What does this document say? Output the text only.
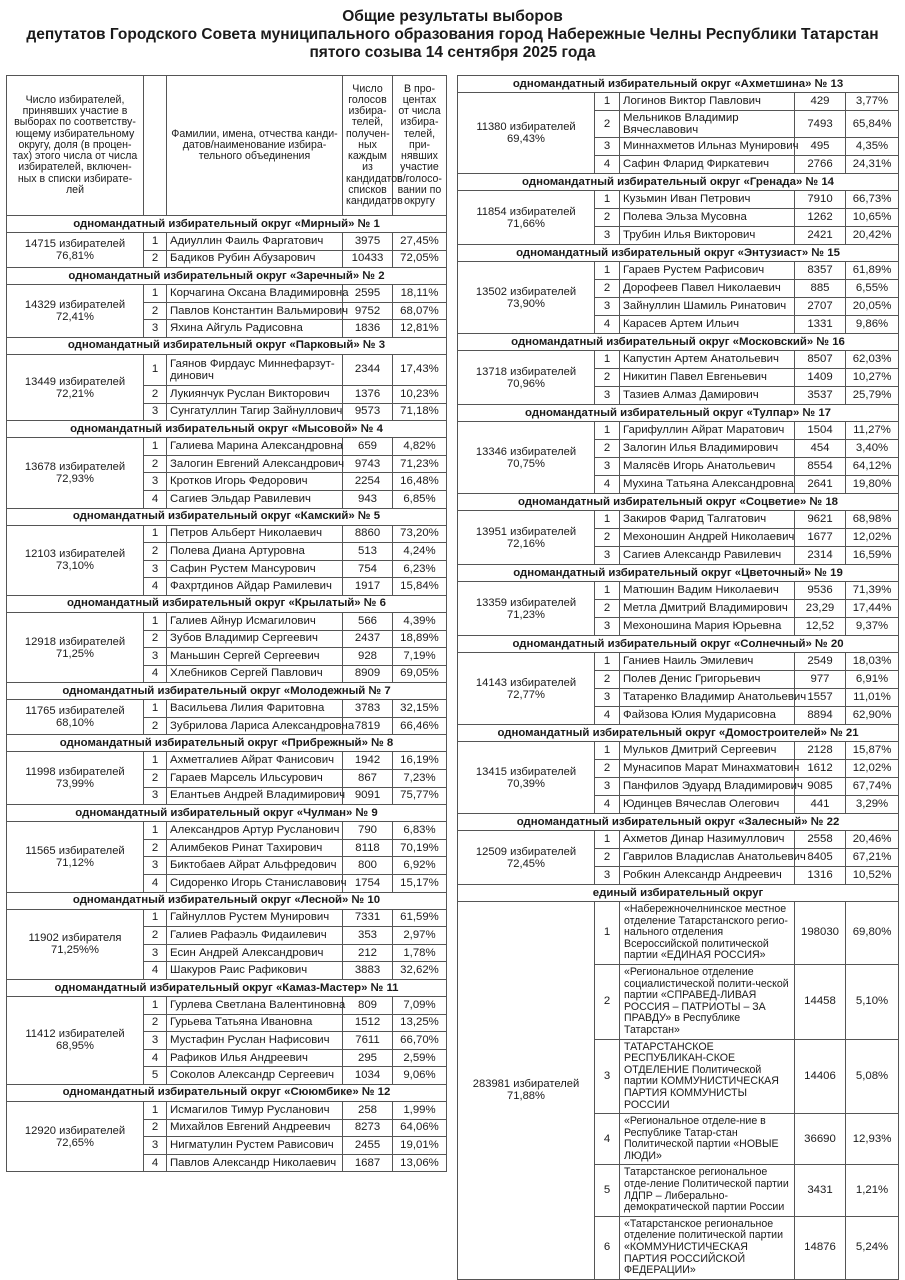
Общие результаты выборов
депутатов Городского Совета муниципального образования город Набережные Челны Республики Татарстан
пятого созыва 14 сентября 2025 года
Число избирателей, принявших участие в выборах по соответству-ющему избирательному округу, доля (в процен-тах) этого числа от числа избирателей, включен-ных в списки избирате-лей		Фамилии, имена, отчества канди-датов/наименование избира-тельного объединения	Число голосов избира-телей, получен-ных каждым из кандидатов/ списков кандидатов	В про-центах от числа избира-телей, при-нявших участие в голосо-вании по округу
одномандатный избирательный округ «Мирный» № 1				

14715 избирателей
76,81%	1	Адиуллин Фаиль Фаргатович	3975	27,45%
	2	Бадиков Рубин Абузарович	10433	72,05%
одномандатный избирательный округ «Заречный» № 2				

14329 избирателей
72,41%	1	Корчагина Оксана Владимировна	2595	18,11%
	2	Павлов Константин Вальмирович	9752	68,07%
	3	Яхина Айгуль Радисовна	1836	12,81%
одномандатный избирательный округ «Парковый» № 3				

13449 избирателей
72,21%	1	Гаянов Фирдаус Миннефарзут-динович	2344	17,43%
	2	Лукиянчук Руслан Викторович	1376	10,23%
	3	Сунгатуллин Тагир Зайнуллович	9573	71,18%
одномандатный избирательный округ «Мысовой» № 4				

13678 избирателей
72,93%	1	Галиева Марина Александровна	659	4,82%
	2	Залогин Евгений Александрович	9743	71,23%
	3	Кротков Игорь Федорович	2254	16,48%
	4	Сагиев Эльдар Равилевич	943	6,85%
одномандатный избирательный округ «Камский» № 5				

12103 избирателей
73,10%	1	Петров Альберт Николаевич	8860	73,20%
	2	Полева Диана Артуровна	513	4,24%
	3	Сафин Рустем Мансурович	754	6,23%
	4	Фахртдинов Айдар Рамилевич	1917	15,84%
одномандатный избирательный округ «Крылатый» № 6				

12918 избирателей
71,25%	1	Галиев Айнур Исмагилович	566	4,39%
	2	Зубов Владимир Сергеевич	2437	18,89%
	3	Маньшин Сергей Сергеевич	928	7,19%
	4	Хлебников Сергей Павлович	8909	69,05%
одномандатный избирательный округ «Молодежный № 7				

11765 избирателей
68,10%	1	Васильева Лилия Фаритовна	3783	32,15%
	2	Зубрилова Лариса Александровна	7819	66,46%
одномандатный избирательный округ «Прибрежный» № 8				

11998 избирателей
73,99%	1	Ахметгалиев Айрат Фанисович	1942	16,19%
	2	Гараев Марсель Ильсурович	867	7,23%
	3	Елантьев Андрей Владимирович	9091	75,77%
одномандатный избирательный округ «Чулман» № 9				

11565 избирателей
71,12%	1	Александров Артур Русланович	790	6,83%
	2	Алимбеков Ринат Тахирович	8118	70,19%
	3	Биктобаев Айрат Альфредович	800	6,92%
	4	Сидоренко Игорь Станиславович	1754	15,17%
одномандатный избирательный округ «Лесной» № 10				

11902 избирателя
71,25%%	1	Гайнуллов Рустем Мунирович	7331	61,59%
	2	Галиев Рафаэль Фидаилевич	353	2,97%
	3	Есин Андрей Александрович	212	1,78%
	4	Шакуров Раис Рафикович	3883	32,62%
одномандатный избирательный округ «Камаз-Мастер» № 11				

11412 избирателей
68,95%	1	Гурлева Светлана Валентиновна	809	7,09%
	2	Гурьева Татьяна Ивановна	1512	13,25%
	3	Мустафин Руслан Нафисович	7611	66,70%
	4	Рафиков Илья Андреевич	295	2,59%
	5	Соколов Александр Сергеевич	1034	9,06%
одномандатный избирательный округ «Сююмбике» № 12				

12920 избирателей
72,65%	1	Исмагилов Тимур Русланович	258	1,99%
	2	Михайлов Евгений Андреевич	8273	64,06%
	3	Нигматулин Рустем Рависович	2455	19,01%
	4	Павлов Александр Николаевич	1687	13,06%
одномандатный избирательный округ «Ахметшина» № 13				

11380 избирателей
69,43%	1	Логинов Виктор Павлович	429	3,77%
	2	Мельников Владимир Вячеславович	7493	65,84%
	3	Миннахметов Ильназ Мунирович	495	4,35%
	4	Сафин Фларид Фиркатевич	2766	24,31%
одномандатный избирательный округ «Гренада» № 14				

11854 избирателей
71,66%	1	Кузьмин Иван Петрович	7910	66,73%
	2	Полева Эльза Мусовна	1262	10,65%
	3	Трубин Илья Викторович	2421	20,42%
одномандатный избирательный округ «Энтузиаст» № 15				

13502 избирателей
73,90%	1	Гараев Рустем Рафисович	8357	61,89%
	2	Дорофеев Павел Николаевич	885	6,55%
	3	Зайнуллин Шамиль Ринатович	2707	20,05%
	4	Карасев Артем Ильич	1331	9,86%
одномандатный избирательный округ «Московский» № 16				

13718 избирателей
70,96%	1	Капустин Артем Анатольевич	8507	62,03%
	2	Никитин Павел Евгеньевич	1409	10,27%
	3	Тазиев Алмаз Дамирович	3537	25,79%
одномандатный избирательный округ «Тулпар» № 17				

13346 избирателей
70,75%	1	Гарифуллин Айрат Маратович	1504	11,27%
	2	Залогин Илья Владимирович	454	3,40%
	3	Малясёв Игорь Анатольевич	8554	64,12%
	4	Мухина Татьяна Александровна	2641	19,80%
одномандатный избирательный округ «Соцветие» № 18				

13951 избирателей
72,16%	1	Закиров Фарид Талгатович	9621	68,98%
	2	Мехоношин Андрей Николаевич	1677	12,02%
	3	Сагиев Александр Равилевич	2314	16,59%
одномандатный избирательный округ «Цветочный» № 19				

13359 избирателей
71,23%	1	Матюшин Вадим Николаевич	9536	71,39%
	2	Метла Дмитрий Владимирович	23,29	17,44%
	3	Мехоношина Мария Юрьевна	12,52	9,37%
одномандатный избирательный округ «Солнечный» № 20				

14143 избирателей
72,77%	1	Ганиев Наиль Эмилевич	2549	18,03%
	2	Полев Денис Григорьевич	977	6,91%
	3	Татаренко Владимир Анатольевич	1557	11,01%
	4	Файзова Юлия Мударисовна	8894	62,90%
одномандатный избирательный округ «Домостроителей» № 21				

13415 избирателей
70,39%	1	Мульков Дмитрий Сергеевич	2128	15,87%
	2	Мунасипов Марат Минахматович	1612	12,02%
	3	Панфилов Эдуард Владимирович	9085	67,74%
	4	Юдинцев Вячеслав Олегович	441	3,29%
одномандатный избирательный округ «Залесный» № 22				

12509 избирателей
72,45%	1	Ахметов Динар Назимуллович	2558	20,46%
	2	Гаврилов Владислав Анатольевич	8405	67,21%
	3	Робкин Александр Андреевич	1316	10,52%
единый избирательный округ				

283981 избирателей
71,88%	1	«Набережночелнинское местное отделение Татарстанского регио-нального отделения Всероссийской политической партии «ЕДИНАЯ РОССИЯ»	198030	69,80%
	2	«Региональное отделение социалистической полити-ческой партии «СПРАВЕД-ЛИВАЯ РОССИЯ – ПАТРИОТЫ – ЗА ПРАВДУ» в Республике Татарстан»	14458	5,10%
	3	ТАТАРСТАНСКОЕ РЕСПУБЛИКАН-СКОЕ ОТДЕЛЕНИЕ Политической партии КОММУНИСТИЧЕСКАЯ ПАРТИЯ КОММУНИСТЫ РОССИИ	14406	5,08%
	4	«Региональное отделе-ние в Республике Татар-стан Политической партии «НОВЫЕ ЛЮДИ»	36690	12,93%
	5	Татарстанское региональное отде-ление Политической партии ЛДПР – Либерально-демократической партии России	3431	1,21%
	6	«Татарстанское региональное отделение политической партии «КОММУНИСТИЧЕСКАЯ ПАРТИЯ РОССИЙСКОЙ ФЕДЕРАЦИИ»	14876	5,24%
